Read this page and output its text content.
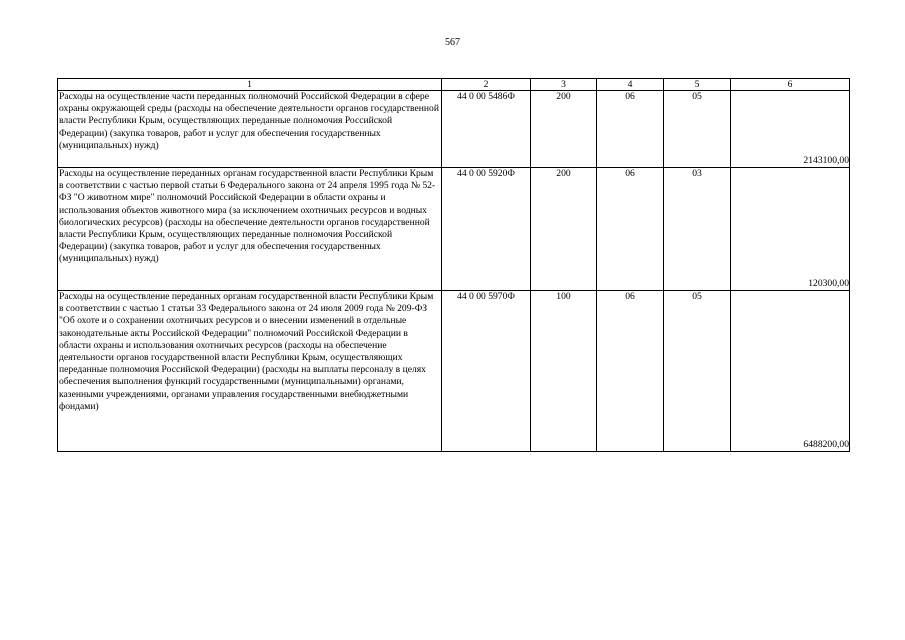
567
1	2	3	4	5	6
Расходы на осуществление части переданных полномочий Российской Федерации в сфере охраны окружающей среды (расходы на обеспечение деятельности органов государственной власти Республики Крым, осуществляющих переданные полномочия Российской Федерации) (закупка товаров, работ и услуг для обеспечения государственных (муниципальных) нужд)	44 0 00 5486Ф	200	06	05	2143100,00
Расходы на осуществление переданных органам государственной власти Республики Крым в соответствии с частью первой статьи 6 Федерального закона от 24 апреля 1995 года № 52-ФЗ "О животном мире" полномочий Российской Федерации в области охраны и использования объектов животного мира (за исключением охотничьих ресурсов и водных биологических ресурсов) (расходы на обеспечение деятельности органов государственной власти Республики Крым, осуществляющих переданные полномочия Российской Федерации) (закупка товаров, работ и услуг для обеспечения государственных (муниципальных) нужд)	44 0 00 5920Ф	200	06	03	120300,00
Расходы на осуществление переданных органам государственной власти Республики Крым в соответствии с частью 1 статьи 33 Федерального закона от 24 июля 2009 года № 209-ФЗ "Об охоте и о сохранении охотничьих ресурсов и о внесении изменений в отдельные законодательные акты Российской Федерации" полномочий Российской Федерации в области охраны и использования охотничьих ресурсов (расходы на обеспечение деятельности органов государственной власти Республики Крым, осуществляющих переданные полномочия Российской Федерации) (расходы на выплаты персоналу в целях обеспечения выполнения функций государственными (муниципальными) органами, казенными учреждениями, органами управления государственными внебюджетными фондами)	44 0 00 5970Ф	100	06	05	6488200,00
